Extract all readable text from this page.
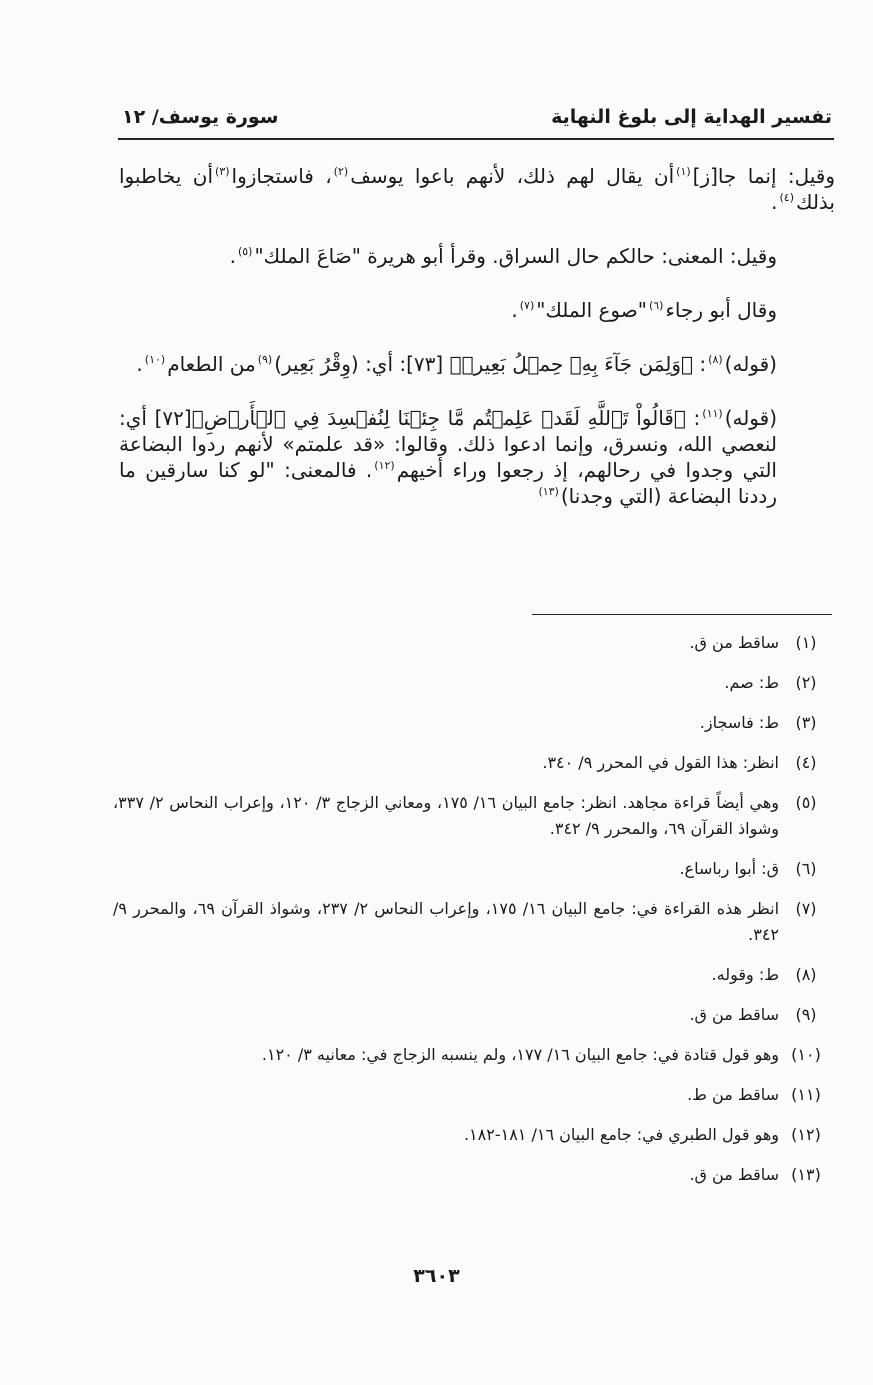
تفسير الهداية إلى بلوغ النهاية
سورة يوسف/ ١٢

وقيل: إنما جا[ز]$^{(١)}$أن يقال لهم ذلك، لأنهم باعوا يوسف$^{(٢)}$، فاستجازوا$^{(٣)}$أن يخاطبوا بذلك$^{(٤)}$.

وقيل: المعنى: حالكم حال السراق. وقرأ أبو هريرة "صَاعَ الملك"$^{(٥)}$.

وقال أبو رجاء$^{(٦)}$"صوع الملك"$^{(٧)}$.

(قوله)$^{(٨)}$: ﴿وَلِمَن جَآءَ بِهِۦ حِمۡلُ بَعِيرٖ﴾ [٧٣]: أي: (وِقْرُ بَعِير)$^{(٩)}$من الطعام$^{(١٠)}$.

(قوله)$^{(١١)}$: ﴿قَالُواْ تَٱللَّهِ لَقَدۡ عَلِمۡتُم مَّا جِئۡنَا لِنُفۡسِدَ فِي ٱلۡأَرۡضِ﴾[٧٢] أي: لنعصي الله، ونسرق، وإنما ادعوا ذلك. وقالوا: «قد علمتم» لأنهم ردوا البضاعة التي وجدوا في رحالهم، إذ رجعوا وراء أخيهم$^{(١٢)}$. فالمعنى: "لو كنا سارقين ما رددنا البضاعة (التي وجدنا)$^{(١٣)}$

(١)
ساقط من ق.
(٢)
ط: صم.
(٣)
ط: فاسجاز.
(٤)
انظر: هذا القول في المحرر ٩/ ٣٤٠.
(٥)
وهي أيضاً قراءة مجاهد. انظر: جامع البيان ١٦/ ١٧٥، ومعاني الزجاج ٣/ ١٢٠، وإعراب النحاس ٢/ ٣٣٧، وشواذ القرآن ٦٩، والمحرر ٩/ ٣٤٢.
(٦)
ق: أبوا رباساع.
(٧)
انظر هذه القراءة في: جامع البيان ١٦/ ١٧٥، وإعراب النحاس ٢/ ٢٣٧، وشواذ القرآن ٦٩، والمحرر ٩/ ٣٤٢.
(٨)
ط: وقوله.
(٩)
ساقط من ق.
(١٠)
وهو قول قتادة في: جامع البيان ١٦/ ١٧٧، ولم ينسبه الزجاج في: معانيه ٣/ ١٢٠.
(١١)
ساقط من ط.
(١٢)
وهو قول الطبري في: جامع البيان ١٦/ ١٨١-١٨٢.
(١٣)
ساقط من ق.
٣٦٠٣
